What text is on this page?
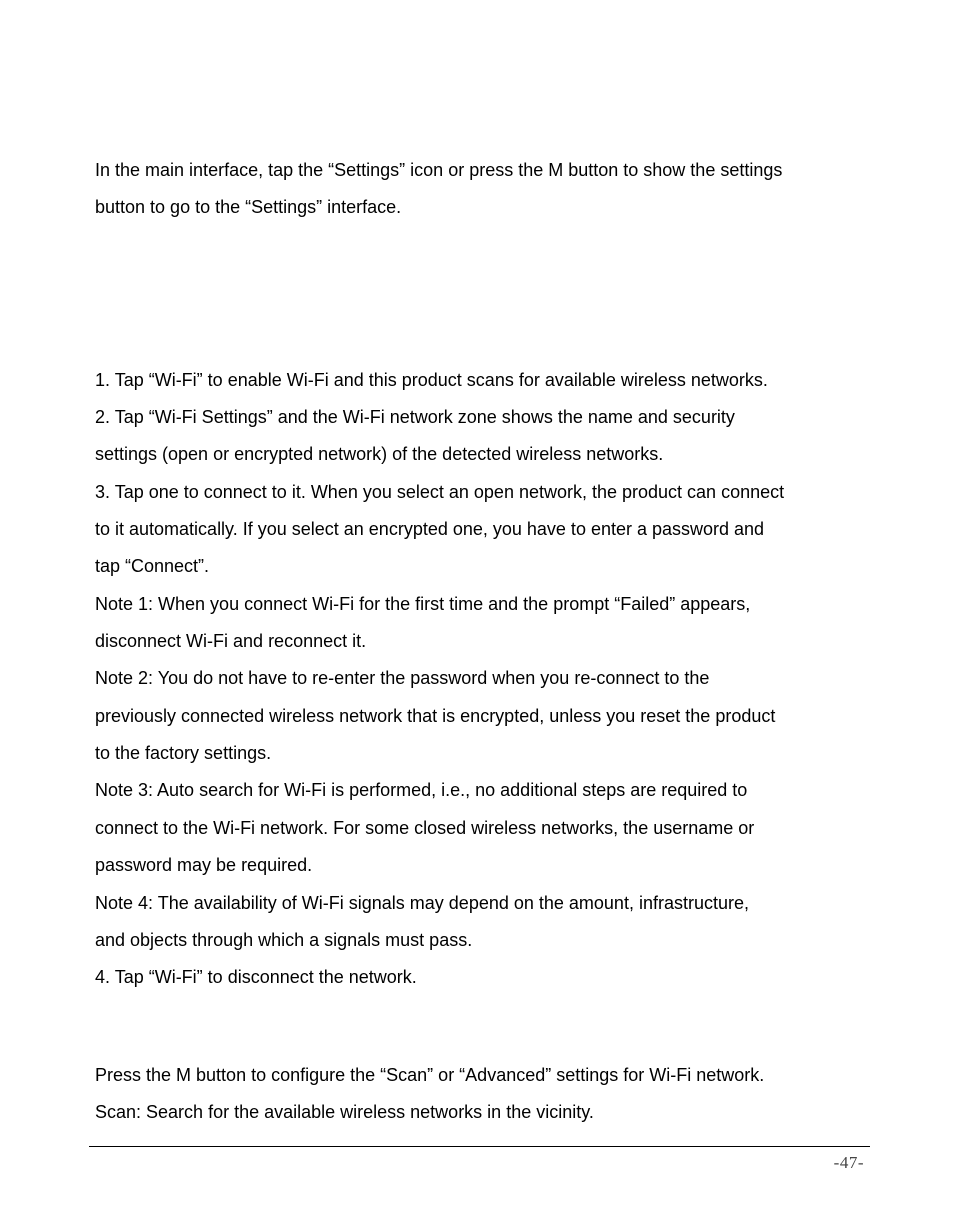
In the main interface, tap the “Settings” icon or press the M button to show the settings

button to go to the “Settings” interface.

1. Tap “Wi-Fi” to enable Wi-Fi and this product scans for available wireless networks.

2. Tap “Wi-Fi Settings” and the Wi-Fi network zone shows the name and security

settings (open or encrypted network) of the detected wireless networks.

3. Tap one to connect to it. When you select an open network, the product can connect

to it automatically. If you select an encrypted one, you have to enter a password and

tap “Connect”.

Note 1: When you connect Wi-Fi for the first time and the prompt “Failed” appears,

disconnect Wi-Fi and reconnect it.

Note 2: You do not have to re-enter the password when you re-connect to the

previously connected wireless network that is encrypted, unless you reset the product

to the factory settings.

Note 3: Auto search for Wi-Fi is performed, i.e., no additional steps are required to

connect to the Wi-Fi network. For some closed wireless networks, the username or

password may be required.

Note 4: The availability of Wi-Fi signals may depend on the amount, infrastructure,

and objects through which a signals must pass.

4. Tap “Wi-Fi” to disconnect the network.

Press the M button to configure the “Scan” or “Advanced” settings for Wi-Fi network.

Scan: Search for the available wireless networks in the vicinity.

-47-
